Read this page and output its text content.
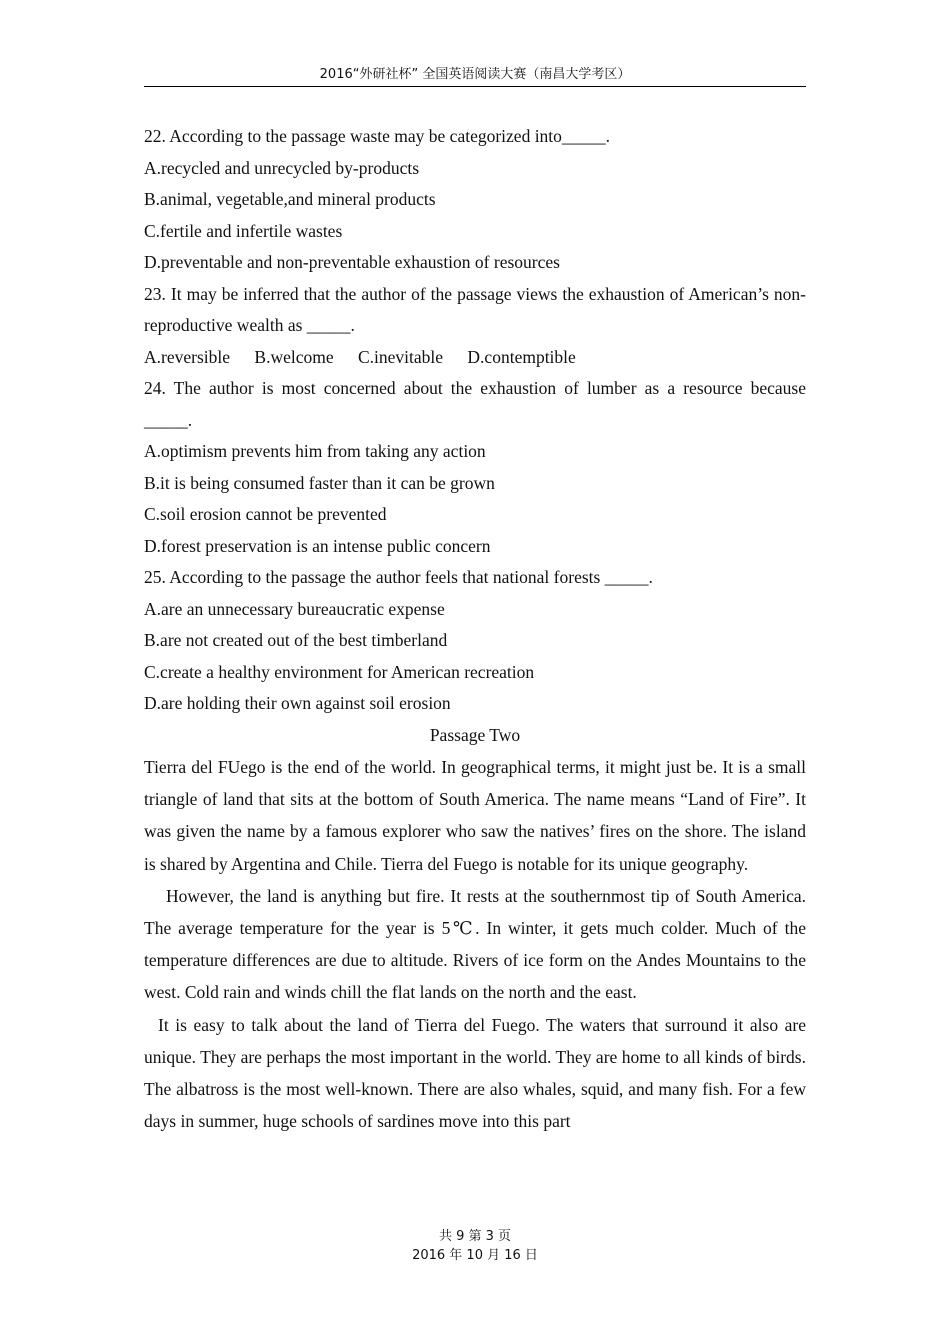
2016“外研社杯” 全国英语阅读大赛（南昌大学考区）

22. According to the passage waste may be categorized into_____.

A.recycled and unrecycled by-products

B.animal, vegetable,and mineral products

C.fertile and infertile wastes

D.preventable and non-preventable exhaustion of resources

23. It may be inferred that the author of the passage views the exhaustion of American’s non-reproductive wealth as _____.

A.reversible B.welcome C.inevitable D.contemptible

24. The author is most concerned about the exhaustion of lumber as a resource because _____.

A.optimism prevents him from taking any action

B.it is being consumed faster than it can be grown

C.soil erosion cannot be prevented

D.forest preservation is an intense public concern

25. According to the passage the author feels that national forests _____.

A.are an unnecessary bureaucratic expense

B.are not created out of the best timberland

C.create a healthy environment for American recreation

D.are holding their own against soil erosion

Passage Two

Tierra del FUego is the end of the world. In geographical terms, it might just be. It is a small triangle of land that sits at the bottom of South America. The name means “Land of Fire”. It was given the name by a famous explorer who saw the natives’ fires on the shore. The island is shared by Argentina and Chile. Tierra del Fuego is notable for its unique geography.

However, the land is anything but fire. It rests at the southernmost tip of South America. The average temperature for the year is 5℃. In winter, it gets much colder. Much of the temperature differences are due to altitude. Rivers of ice form on the Andes Mountains to the west. Cold rain and winds chill the flat lands on the north and the east.

It is easy to talk about the land of Tierra del Fuego. The waters that surround it also are unique. They are perhaps the most important in the world. They are home to all kinds of birds. The albatross is the most well-known. There are also whales, squid, and many fish. For a few days in summer, huge schools of sardines move into this part

共 9 第 3 页
2016 年 10 月 16 日
